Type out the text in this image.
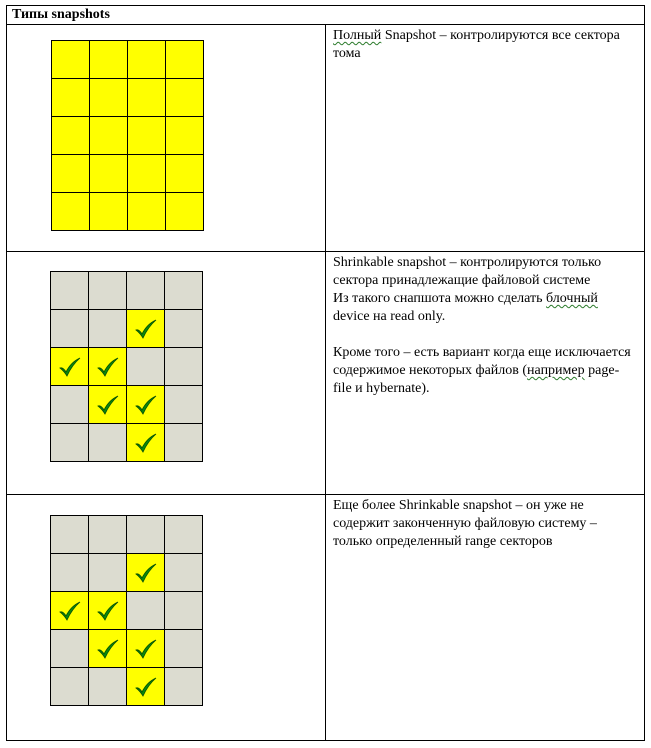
Типы snapshots	

	Полный Snapshot – контролируются все сектора тома

Shrinkable snapshot – контролируются только сектора принадлежащие файловой системе

Из такого снапшота можно сделать блочный device на read only.

Кроме того – есть вариант когда еще исключается содержимое некоторых файлов (например page-file и hybernate).

Еще более Shrinkable snapshot – он уже не содержит законченную файловую систему – только определенный range секторов
